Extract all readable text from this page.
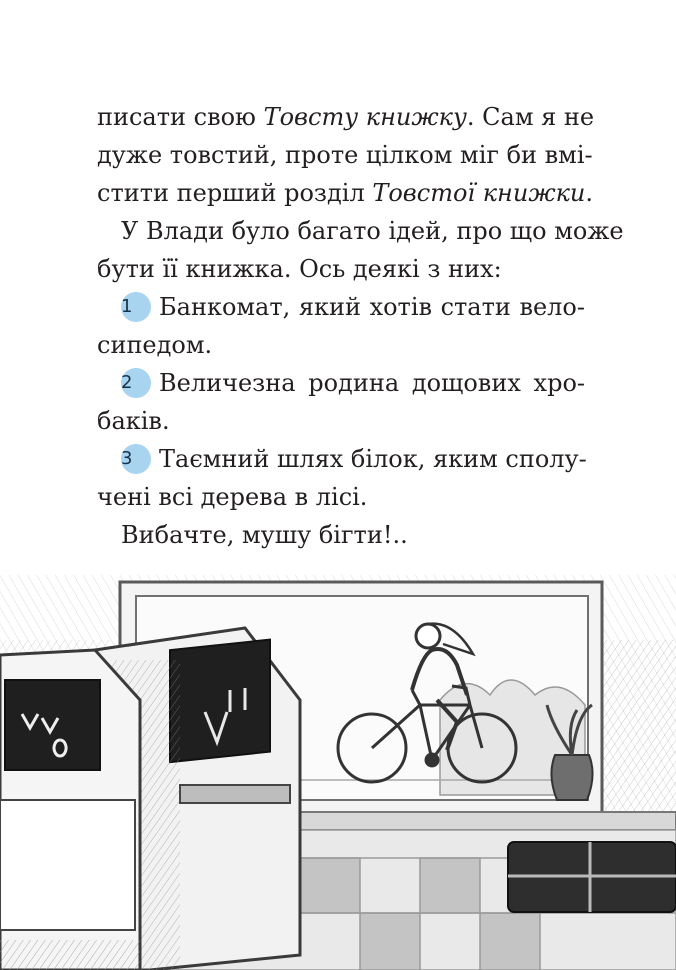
писати свою Товсту книжку. Сам я не
дуже товстий, проте цілком міг би вмі-
стити перший розділ Товстої книжки.
У Влади було багато ідей, про що може
бути її книжка. Ось деякі з них:
1 Банкомат, який хотів стати вело-
сипедом.
2 Величезна родина дощових хро-
баків.
3 Таємний шлях білок, яким сполу-
чені всі дерева в лісі.
Вибачте, мушу бігти!..
